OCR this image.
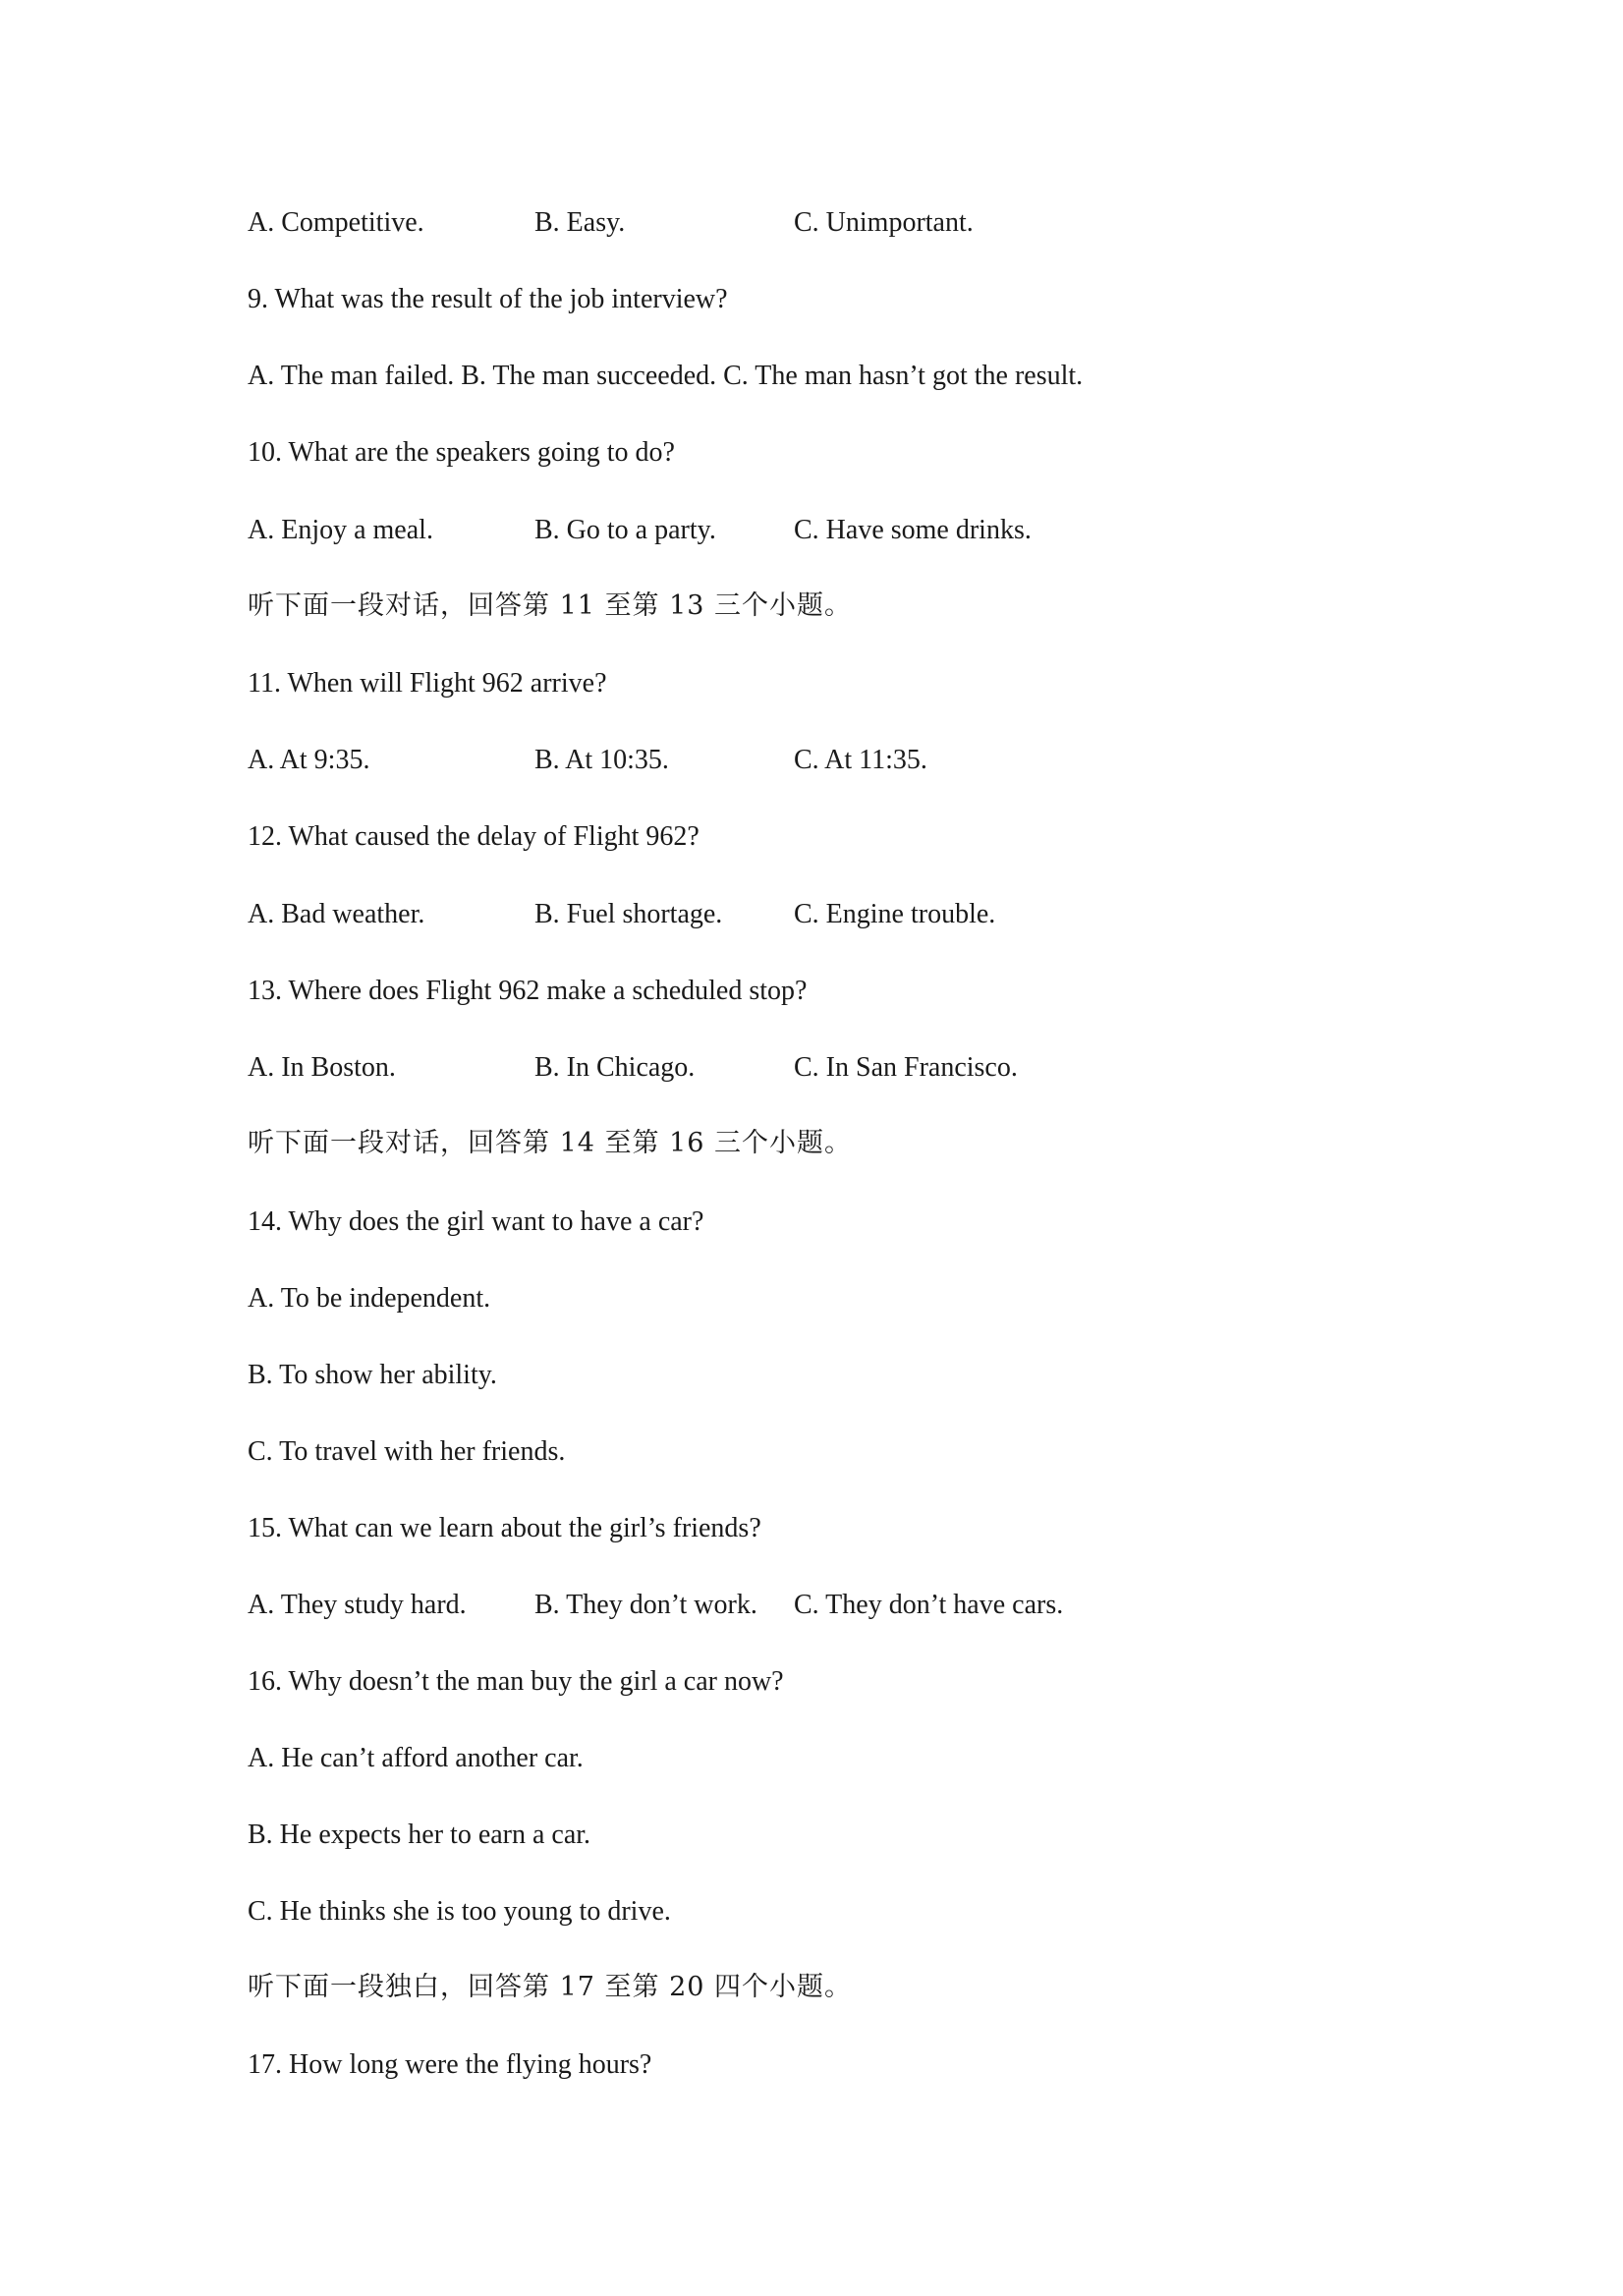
A. Competitive.	B. Easy.	C. Unimportant.
9. What was the result of the job interview?
A. The man failed. B. The man succeeded. C. The man hasn’t got the result.
10. What are the speakers going to do?
A. Enjoy a meal.	B. Go to a party.	C. Have some drinks.
听下面一段对话，回答第 11 至第 13 三个小题。
11. When will Flight 962 arrive?
A. At 9:35.	B. At 10:35.	C. At 11:35.
12. What caused the delay of Flight 962?
A. Bad weather.	B. Fuel shortage.	C. Engine trouble.
13. Where does Flight 962 make a scheduled stop?
A. In Boston.	B. In Chicago.	C. In San Francisco.
听下面一段对话，回答第 14 至第 16 三个小题。
14. Why does the girl want to have a car?
A. To be independent.
B. To show her ability.
C. To travel with her friends.
15. What can we learn about the girl’s friends?
A. They study hard. B. They don’t work. C. They don’t have cars.
16. Why doesn’t the man buy the girl a car now?
A. He can’t afford another car.
B. He expects her to earn a car.
C. He thinks she is too young to drive.
听下面一段独白，回答第 17 至第 20 四个小题。
17. How long were the flying hours?
